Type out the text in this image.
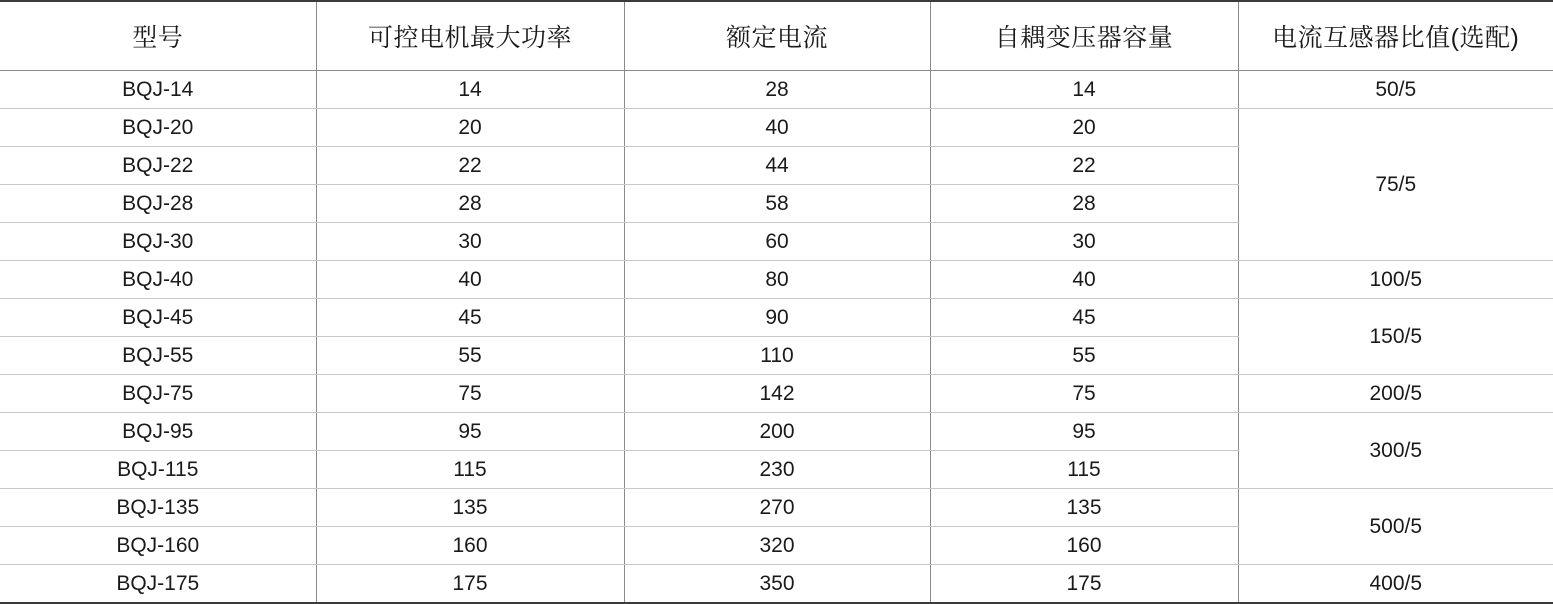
型号	可控电机最大功率	额定电流	自耦变压器容量	电流互感器比值(选配)
BQJ-14	14	28	14	50/5
BQJ-20	20	40	20	75/5
BQJ-22	22	44	22	
BQJ-28	28	58	28	
BQJ-30	30	60	30	
BQJ-40	40	80	40	100/5
BQJ-45	45	90	45	150/5
BQJ-55	55	110	55	
BQJ-75	75	142	75	200/5
BQJ-95	95	200	95	300/5
BQJ-115	115	230	115	
BQJ-135	135	270	135	500/5
BQJ-160	160	320	160	
BQJ-175	175	350	175	400/5
